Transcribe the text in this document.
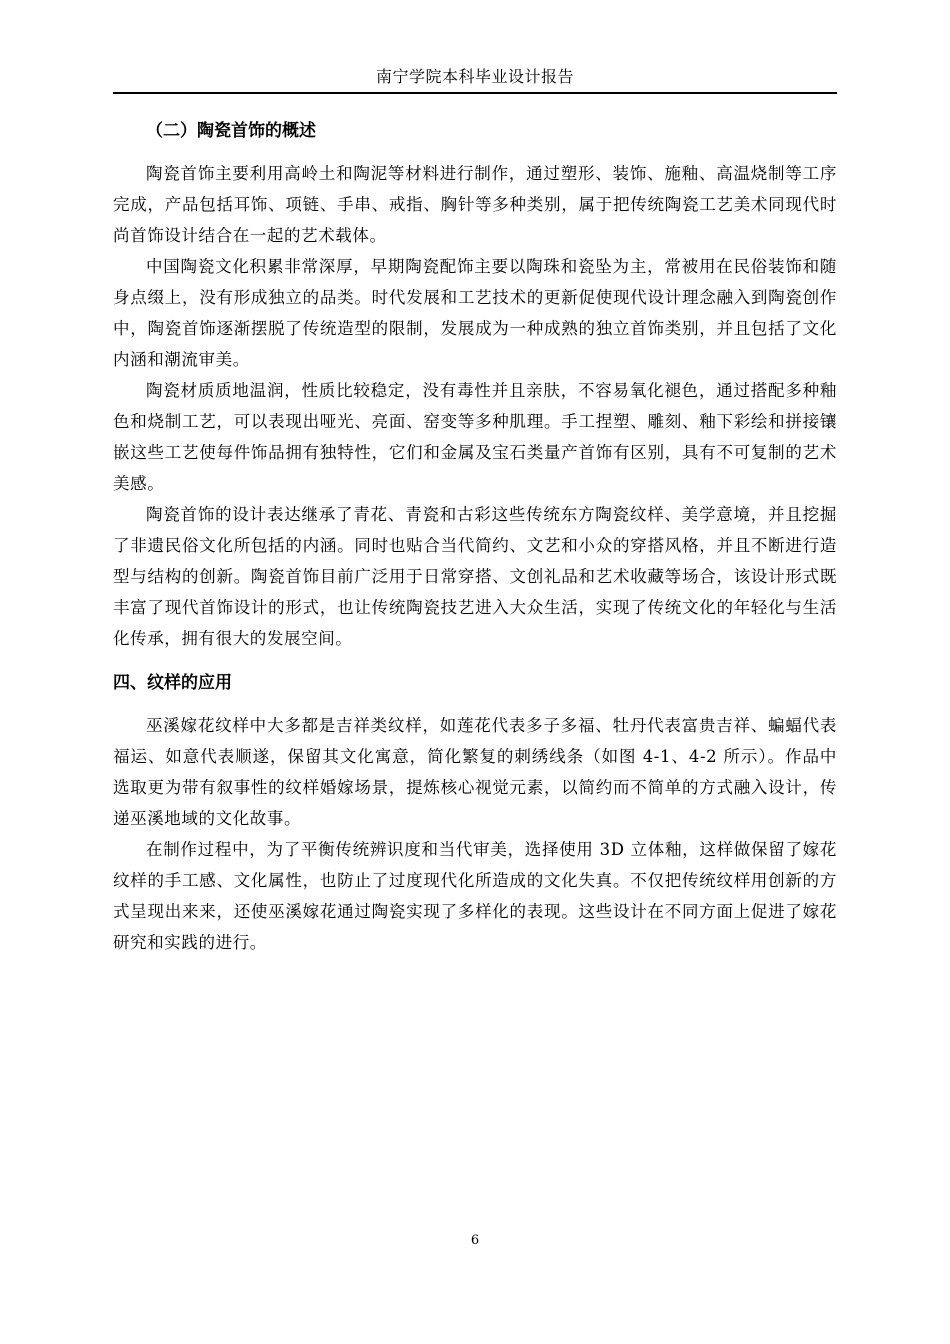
南宁学院本科毕业设计报告
（二）陶瓷首饰的概述

陶瓷首饰主要利用高岭土和陶泥等材料进行制作，通过塑形、装饰、施釉、高温烧制等工序完成，产品包括耳饰、项链、手串、戒指、胸针等多种类别，属于把传统陶瓷工艺美术同现代时尚首饰设计结合在一起的艺术载体。

中国陶瓷文化积累非常深厚，早期陶瓷配饰主要以陶珠和瓷坠为主，常被用在民俗装饰和随身点缀上，没有形成独立的品类。时代发展和工艺技术的更新促使现代设计理念融入到陶瓷创作中，陶瓷首饰逐渐摆脱了传统造型的限制，发展成为一种成熟的独立首饰类别，并且包括了文化内涵和潮流审美。

陶瓷材质质地温润，性质比较稳定，没有毒性并且亲肤，不容易氧化褪色，通过搭配多种釉色和烧制工艺，可以表现出哑光、亮面、窑变等多种肌理。手工捏塑、雕刻、釉下彩绘和拼接镶嵌这些工艺使每件饰品拥有独特性，它们和金属及宝石类量产首饰有区别，具有不可复制的艺术美感。

陶瓷首饰的设计表达继承了青花、青瓷和古彩这些传统东方陶瓷纹样、美学意境，并且挖掘了非遗民俗文化所包括的内涵。同时也贴合当代简约、文艺和小众的穿搭风格，并且不断进行造型与结构的创新。陶瓷首饰目前广泛用于日常穿搭、文创礼品和艺术收藏等场合，该设计形式既丰富了现代首饰设计的形式，也让传统陶瓷技艺进入大众生活，实现了传统文化的年轻化与生活化传承，拥有很大的发展空间。

四、纹样的应用

巫溪嫁花纹样中大多都是吉祥类纹样，如莲花代表多子多福、牡丹代表富贵吉祥、蝙蝠代表福运、如意代表顺遂，保留其文化寓意，简化繁复的刺绣线条（如图 4-1、4-2 所示）。作品中选取更为带有叙事性的纹样婚嫁场景，提炼核心视觉元素，以简约而不简单的方式融入设计，传递巫溪地域的文化故事。

在制作过程中，为了平衡传统辨识度和当代审美，选择使用 3D 立体釉，这样做保留了嫁花纹样的手工感、文化属性，也防止了过度现代化所造成的文化失真。不仅把传统纹样用创新的方式呈现出来来，还使巫溪嫁花通过陶瓷实现了多样化的表现。这些设计在不同方面上促进了嫁花研究和实践的进行。

6
